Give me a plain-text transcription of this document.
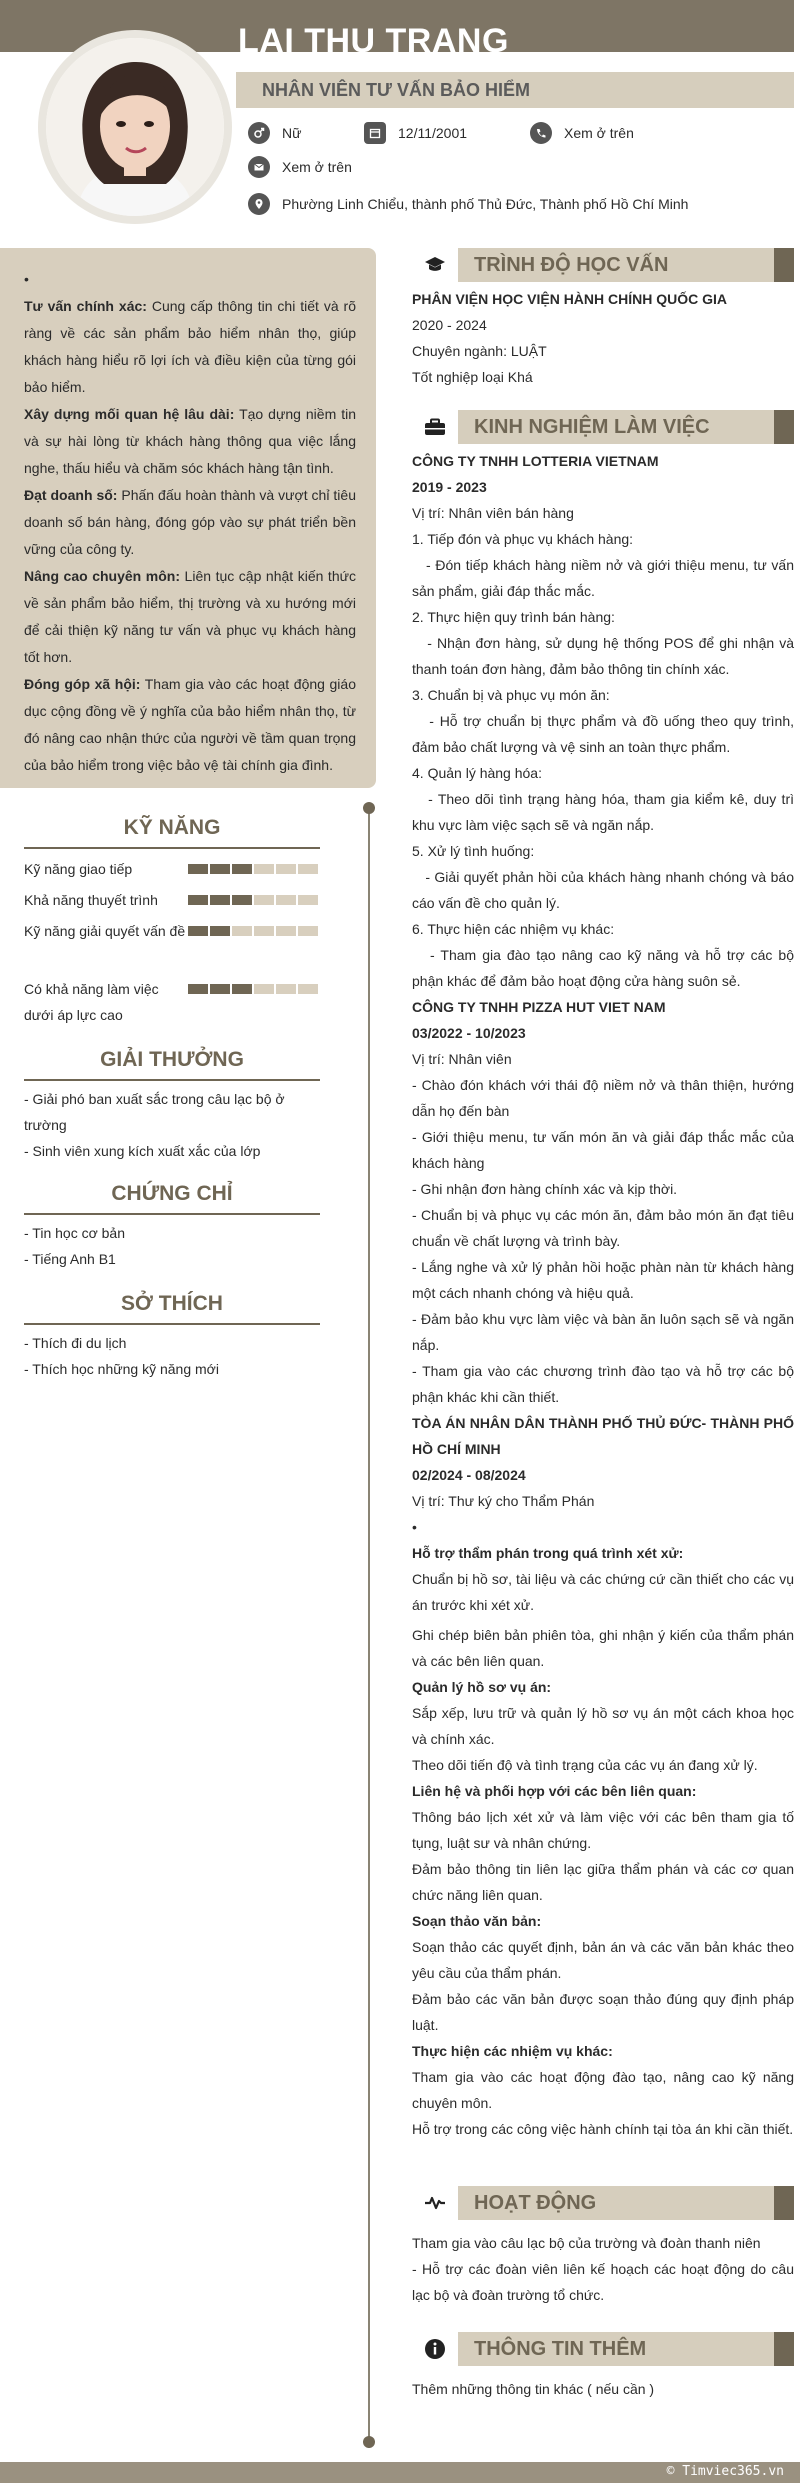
LẠI THU TRANG
NHÂN VIÊN TƯ VẤN BẢO HIỂM
Nữ	12/11/2001	Xem ở trên
Xem ở trên
Phường Linh Chiểu, thành phố Thủ Đức, Thành phố Hồ Chí Minh

•

Tư vấn chính xác: Cung cấp thông tin chi tiết và rõ ràng về các sản phẩm bảo hiểm nhân thọ, giúp khách hàng hiểu rõ lợi ích và điều kiện của từng gói bảo hiểm.

Xây dựng mối quan hệ lâu dài: Tạo dựng niềm tin và sự hài lòng từ khách hàng thông qua việc lắng nghe, thấu hiểu và chăm sóc khách hàng tận tình.

Đạt doanh số: Phấn đấu hoàn thành và vượt chỉ tiêu doanh số bán hàng, đóng góp vào sự phát triển bền vững của công ty.

Nâng cao chuyên môn: Liên tục cập nhật kiến thức về sản phẩm bảo hiểm, thị trường và xu hướng mới để cải thiện kỹ năng tư vấn và phục vụ khách hàng tốt hơn.

Đóng góp xã hội: Tham gia vào các hoạt động giáo dục cộng đồng về ý nghĩa của bảo hiểm nhân thọ, từ đó nâng cao nhận thức của người về tầm quan trọng của bảo hiểm trong việc bảo vệ tài chính gia đình.

KỸ NĂNG
Kỹ năng giao tiếp
Khả năng thuyết trình
Kỹ năng giải quyết vấn đề
Có khả năng làm việc dưới áp lực cao
GIẢI THƯỞNG
- Giải phó ban xuất sắc trong câu lạc bộ ở trường
- Sinh viên xung kích xuất xắc của lớp
CHỨNG CHỈ
- Tin học cơ bản
- Tiếng Anh B1
SỞ THÍCH
- Thích đi du lịch
- Thích học những kỹ năng mới
TRÌNH ĐỘ HỌC VẤN
PHÂN VIỆN HỌC VIỆN HÀNH CHÍNH QUỐC GIA
2020 - 2024
Chuyên ngành: LUẬT
Tốt nghiệp loại Khá
KINH NGHIỆM LÀM VIỆC
CÔNG TY TNHH LOTTERIA VIETNAM
2019 - 2023
Vị trí: Nhân viên bán hàng
1. Tiếp đón và phục vụ khách hàng:
- Đón tiếp khách hàng niềm nở và giới thiệu menu, tư vấn sản phẩm, giải đáp thắc mắc.
2. Thực hiện quy trình bán hàng:
- Nhận đơn hàng, sử dụng hệ thống POS để ghi nhận và thanh toán đơn hàng, đảm bảo thông tin chính xác.
3. Chuẩn bị và phục vụ món ăn:
- Hỗ trợ chuẩn bị thực phẩm và đồ uống theo quy trình, đảm bảo chất lượng và vệ sinh an toàn thực phẩm.
4. Quản lý hàng hóa:
- Theo dõi tình trạng hàng hóa, tham gia kiểm kê, duy trì khu vực làm việc sạch sẽ và ngăn nắp.
5. Xử lý tình huống:
- Giải quyết phản hồi của khách hàng nhanh chóng và báo cáo vấn đề cho quản lý.
6. Thực hiện các nhiệm vụ khác:
- Tham gia đào tạo nâng cao kỹ năng và hỗ trợ các bộ phận khác để đảm bảo hoạt động cửa hàng suôn sẻ.
CÔNG TY TNHH PIZZA HUT VIET NAM
03/2022 - 10/2023
Vị trí: Nhân viên
- Chào đón khách với thái độ niềm nở và thân thiện, hướng dẫn họ đến bàn
- Giới thiệu menu, tư vấn món ăn và giải đáp thắc mắc của khách hàng
- Ghi nhận đơn hàng chính xác và kịp thời.
- Chuẩn bị và phục vụ các món ăn, đảm bảo món ăn đạt tiêu chuẩn về chất lượng và trình bày.
- Lắng nghe và xử lý phản hồi hoặc phàn nàn từ khách hàng một cách nhanh chóng và hiệu quả.
- Đảm bảo khu vực làm việc và bàn ăn luôn sạch sẽ và ngăn nắp.
- Tham gia vào các chương trình đào tạo và hỗ trợ các bộ phận khác khi cần thiết.
TÒA ÁN NHÂN DÂN THÀNH PHỐ THỦ ĐỨC- THÀNH PHỐ HỒ CHÍ MINH
02/2024 - 08/2024
Vị trí: Thư ký cho Thẩm Phán
•
Hỗ trợ thẩm phán trong quá trình xét xử:
Chuẩn bị hồ sơ, tài liệu và các chứng cứ cần thiết cho các vụ án trước khi xét xử.
Ghi chép biên bản phiên tòa, ghi nhận ý kiến của thẩm phán và các bên liên quan.
Quản lý hồ sơ vụ án:
Sắp xếp, lưu trữ và quản lý hồ sơ vụ án một cách khoa học và chính xác.
Theo dõi tiến độ và tình trạng của các vụ án đang xử lý.
Liên hệ và phối hợp với các bên liên quan:
Thông báo lịch xét xử và làm việc với các bên tham gia tố tụng, luật sư và nhân chứng.
Đảm bảo thông tin liên lạc giữa thẩm phán và các cơ quan chức năng liên quan.
Soạn thảo văn bản:
Soạn thảo các quyết định, bản án và các văn bản khác theo yêu cầu của thẩm phán.
Đảm bảo các văn bản được soạn thảo đúng quy định pháp luật.
Thực hiện các nhiệm vụ khác:
Tham gia vào các hoạt động đào tạo, nâng cao kỹ năng chuyên môn.
Hỗ trợ trong các công việc hành chính tại tòa án khi cần thiết.
HOẠT ĐỘNG
Tham gia vào câu lạc bộ của trường và đoàn thanh niên
- Hỗ trợ các đoàn viên liên kế hoạch các hoạt động do câu lạc bộ và đoàn trường tổ chức.
THÔNG TIN THÊM
Thêm những thông tin khác ( nếu cần )
© Timviec365.vn
